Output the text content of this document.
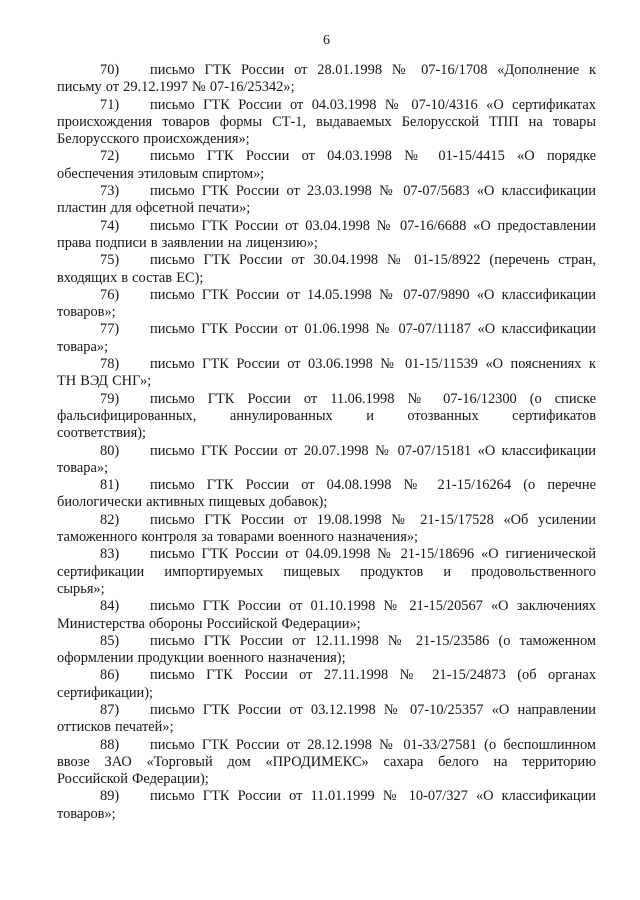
6
70) письмо ГТК России от 28.01.1998 № 07-16/1708 «Дополнение к
письму от 29.12.1997 № 07-16/25342»;
71) письмо ГТК России от 04.03.1998 № 07-10/4316 «О сертификатах
происхождения товаров формы СТ-1, выдаваемых Белорусской ТПП на товары
Белорусского происхождения»;
72) письмо ГТК России от 04.03.1998 № 01-15/4415 «О порядке
обеспечения этиловым спиртом»;
73) письмо ГТК России от 23.03.1998 № 07-07/5683 «О классификации
пластин для офсетной печати»;
74) письмо ГТК России от 03.04.1998 № 07-16/6688 «О предоставлении
права подписи в заявлении на лицензию»;
75) письмо ГТК России от 30.04.1998 № 01-15/8922 (перечень стран,
входящих в состав ЕС);
76) письмо ГТК России от 14.05.1998 № 07-07/9890 «О классификации
товаров»;
77) письмо ГТК России от 01.06.1998 № 07-07/11187 «О классификации
товара»;
78) письмо ГТК России от 03.06.1998 № 01-15/11539 «О пояснениях к
ТН ВЭД СНГ»;
79) письмо ГТК России от 11.06.1998 № 07-16/12300 (о списке
фальсифицированных, аннулированных и отозванных сертификатов
соответствия);
80) письмо ГТК России от 20.07.1998 № 07-07/15181 «О классификации
товара»;
81) письмо ГТК России от 04.08.1998 № 21-15/16264 (о перечне
биологически активных пищевых добавок);
82) письмо ГТК России от 19.08.1998 № 21-15/17528 «Об усилении
таможенного контроля за товарами военного назначения»;
83) письмо ГТК России от 04.09.1998 № 21-15/18696 «О гигиенической
сертификации импортируемых пищевых продуктов и продовольственного
сырья»;
84) письмо ГТК России от 01.10.1998 № 21-15/20567 «О заключениях
Министерства обороны Российской Федерации»;
85) письмо ГТК России от 12.11.1998 № 21-15/23586 (о таможенном
оформлении продукции военного назначения);
86) письмо ГТК России от 27.11.1998 № 21-15/24873 (об органах
сертификации);
87) письмо ГТК России от 03.12.1998 № 07-10/25357 «О направлении
оттисков печатей»;
88) письмо ГТК России от 28.12.1998 № 01-33/27581 (о беспошлинном
ввозе ЗАО «Торговый дом «ПРОДИМЕКС» сахара белого на территорию
Российской Федерации);
89) письмо ГТК России от 11.01.1999 № 10-07/327 «О классификации
товаров»;
